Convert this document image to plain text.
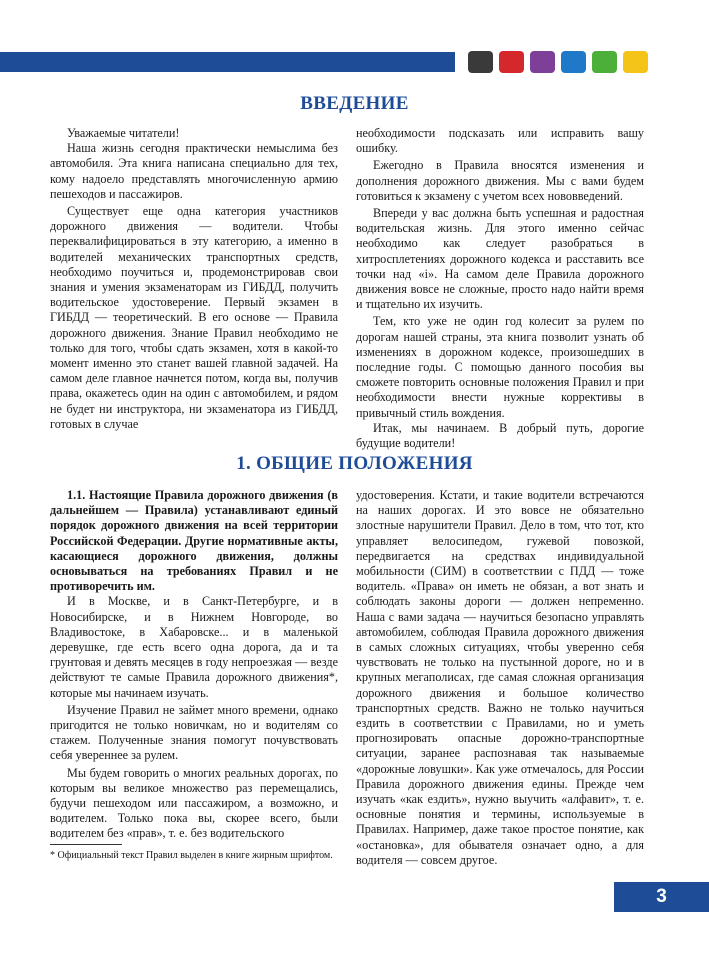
ВВЕДЕНИЕ

Уважаемые читатели!

Наша жизнь сегодня практически немыслима без автомобиля. Эта книга написана специально для тех, кому надоело представлять многочисленную армию пешеходов и пассажиров.

Существует еще одна категория участников дорожного движения — водители. Чтобы переквалифицироваться в эту категорию, а именно в водителей механических транспортных средств, необходимо поучиться и, продемонстрировав свои знания и умения экзаменаторам из ГИБДД, получить водительское удостоверение. Первый экзамен в ГИБДД — теоретический. В его основе — Правила дорожного движения. Знание Правил необходимо не только для того, чтобы сдать экзамен, хотя в какой-то момент именно это станет вашей главной задачей. На самом деле главное начнется потом, когда вы, получив права, окажетесь один на один с автомобилем, и рядом не будет ни инструктора, ни экзаменатора из ГИБДД, готовых в случае

необходимости подсказать или исправить вашу ошибку.

Ежегодно в Правила вносятся изменения и дополнения дорожного движения. Мы с вами будем готовиться к экзамену с учетом всех нововведений.

Впереди у вас должна быть успешная и радостная водительская жизнь. Для этого именно сейчас необходимо как следует разобраться в хитросплетениях дорожного кодекса и расставить все точки над «i». На самом деле Правила дорожного движения вовсе не сложные, просто надо найти время и тщательно их изучить.

Тем, кто уже не один год колесит за рулем по дорогам нашей страны, эта книга позволит узнать об изменениях в дорожном кодексе, произошедших в последние годы. С помощью данного пособия вы сможете повторить основные положения Правил и при необходимости внести нужные коррективы в привычный стиль вождения.

Итак, мы начинаем. В добрый путь, дорогие будущие водители!

1. ОБЩИЕ ПОЛОЖЕНИЯ

1.1. Настоящие Правила дорожного движения (в дальнейшем — Правила) устанавливают единый порядок дорожного движения на всей территории Российской Федерации. Другие нормативные акты, касающиеся дорожного движения, должны основываться на требованиях Правил и не противоречить им.

И в Москве, и в Санкт-Петербурге, и в Новосибирске, и в Нижнем Новгороде, во Владивостоке, в Хабаровске... и в маленькой деревушке, где есть всего одна дорога, да и та грунтовая и девять месяцев в году непроезжая — везде действуют те самые Правила дорожного движения*, которые мы начинаем изучать.

Изучение Правил не займет много времени, однако пригодится не только новичкам, но и водителям со стажем. Полученные знания помогут почувствовать себя увереннее за рулем.

Мы будем говорить о многих реальных дорогах, по которым вы великое множество раз перемещались, будучи пешеходом или пассажиром, а возможно, и водителем. Только пока вы, скорее всего, были водителем без «прав», т. е. без водительского

удостоверения. Кстати, и такие водители встречаются на наших дорогах. И это вовсе не обязательно злостные нарушители Правил. Дело в том, что тот, кто управляет велосипедом, гужевой повозкой, передвигается на средствах индивидуальной мобильности (СИМ) в соответствии с ПДД — тоже водитель. «Права» он иметь не обязан, а вот знать и соблюдать законы дороги — должен непременно. Наша с вами задача — научиться безопасно управлять автомобилем, соблюдая Правила дорожного движения в самых сложных ситуациях, чтобы уверенно себя чувствовать не только на пустынной дороге, но и в крупных мегаполисах, где самая сложная организация дорожного движения и большое количество транспортных средств. Важно не только научиться ездить в соответствии с Правилами, но и уметь прогнозировать опасные дорожно-транспортные ситуации, заранее распознавая так называемые «дорожные ловушки». Как уже отмечалось, для России Правила дорожного движения едины. Прежде чем изучать «как ездить», нужно выучить «алфавит», т. е. основные понятия и термины, используемые в Правилах. Например, даже такое простое понятие, как «остановка», для обывателя означает одно, а для водителя — совсем другое.

* Официальный текст Правил выделен в книге жирным шрифтом.

3
